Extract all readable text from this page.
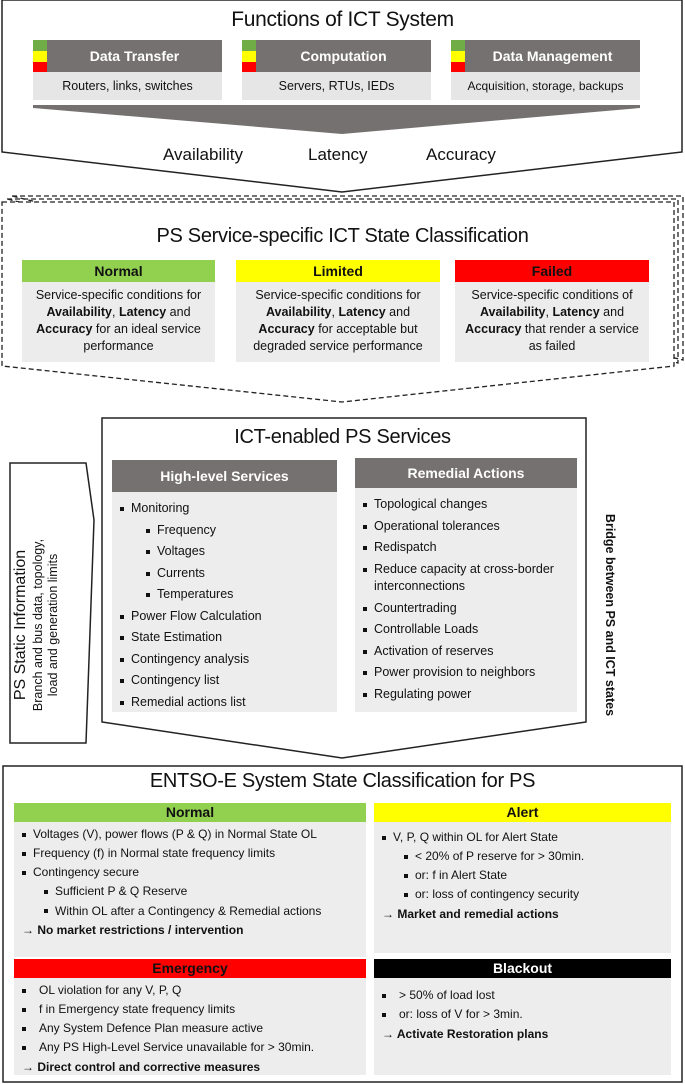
Functions of ICT System
Data Transfer
Routers, links, switches
Computation
Servers, RTUs, IEDs
Data Management
Acquisition, storage, backups
Availability	Latency	Accuracy
PS Service-specific ICT State Classification
Normal
Service-specific conditions for Availability, Latency and Accuracy for an ideal service performance
Limited
Service-specific conditions for Availability, Latency and Accuracy for acceptable but degraded service performance
Failed
Service-specific conditions of Availability, Latency and Accuracy that render a service as failed
ICT-enabled PS Services
High-level Services
Monitoring
Frequency
Voltages
Currents
Temperatures
Power Flow Calculation
State Estimation
Contingency analysis
Contingency list
Remedial actions list
Remedial Actions
Topological changes
Operational tolerances
Redispatch
Reduce capacity at cross-border interconnections
Countertrading
Controllable Loads
Activation of reserves
Power provision to neighbors
Regulating power
PS Static Information Branch and bus data, topology, load and generation limits	Bridge between PS and ICT states
ENTSO-E System State Classification for PS
Normal
Voltages (V), power flows (P & Q) in Normal State OL
Frequency (f) in Normal state frequency limits
Contingency secure
Sufficient P & Q Reserve
Within OL after a Contingency & Remedial actions
→ No market restrictions / intervention
Alert
V, P, Q within OL for Alert State
< 20% of P reserve for > 30min.
or: f in Alert State
or: loss of contingency security
→ Market and remedial actions
Emergency
OL violation for any V, P, Q
f in Emergency state frequency limits
Any System Defence Plan measure active
Any PS High-Level Service unavailable for > 30min.
→ Direct control and corrective measures
Blackout
> 50% of load lost
or: loss of V for > 3min.
→ Activate Restoration plans
